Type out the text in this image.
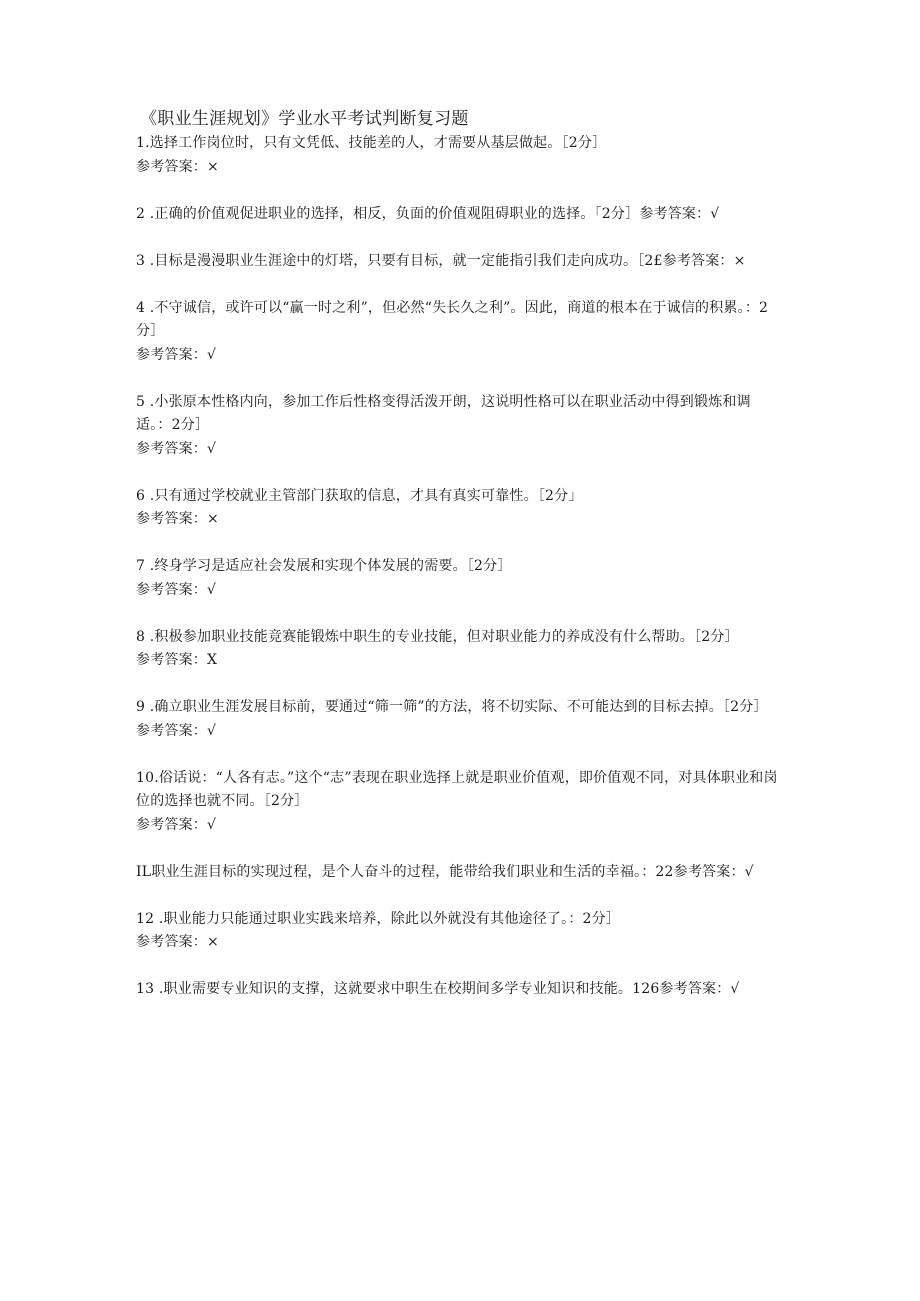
《职业生涯规划》学业水平考试判断复习题
1.选择工作岗位时，只有文凭低、技能差的人，才需要从基层做起。［2分］
参考答案：×
2 .正确的价值观促进职业的选择，相反，负面的价值观阻碍职业的选择。「2分］参考答案：√
3 .目标是漫漫职业生涯途中的灯塔，只要有目标，就一定能指引我们走向成功。［2£参考答案：×
4 .不守诚信，或许可以“赢一时之利”，但必然“失长久之利”。因此，商道的根本在于诚信的积累。：2分］
参考答案：√
5 .小张原本性格内向，参加工作后性格变得活泼开朗，这说明性格可以在职业活动中得到锻炼和调适。：2分］
参考答案：√
6 .只有通过学校就业主管部门获取的信息，才具有真实可靠性。［2分」
参考答案：×
7 .终身学习是适应社会发展和实现个体发展的需要。［2分］
参考答案：√
8 .积极参加职业技能竞赛能锻炼中职生的专业技能，但对职业能力的养成没有什么帮助。［2分］
参考答案：X
9 .确立职业生涯发展目标前，要通过“筛一筛”的方法，将不切实际、不可能达到的目标去掉。［2分］
参考答案：√
10.俗话说：“人各有志。”这个“志”表现在职业选择上就是职业价值观，即价值观不同，对具体职业和岗位的选择也就不同。［2分］
参考答案：√
IL职业生涯目标的实现过程，是个人奋斗的过程，能带给我们职业和生活的幸福。：22参考答案：√
12 .职业能力只能通过职业实践来培养，除此以外就没有其他途径了。：2分］
参考答案：×
13 .职业需要专业知识的支撑，这就要求中职生在校期间多学专业知识和技能。126参考答案：√
